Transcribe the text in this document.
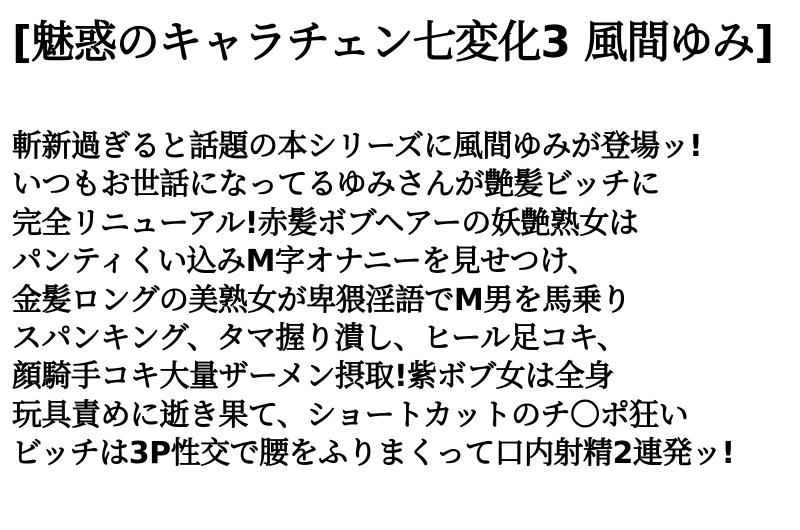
[魅惑のキャラチェン七変化3 風間ゆみ]
斬新過ぎると話題の本シリーズに風間ゆみが登場ッ!
いつもお世話になってるゆみさんが艶髪ビッチに
完全リニューアル!赤髪ボブヘアーの妖艶熟女は
パンティくい込みM字オナニーを見せつけ、
金髪ロングの美熟女が卑猥淫語でM男を馬乗り
スパンキング、タマ握り潰し、ヒール足コキ、
顔騎手コキ大量ザーメン摂取!紫ボブ女は全身
玩具責めに逝き果て、ショートカットのチ〇ポ狂い
ビッチは3P性交で腰をふりまくって口内射精2連発ッ!
